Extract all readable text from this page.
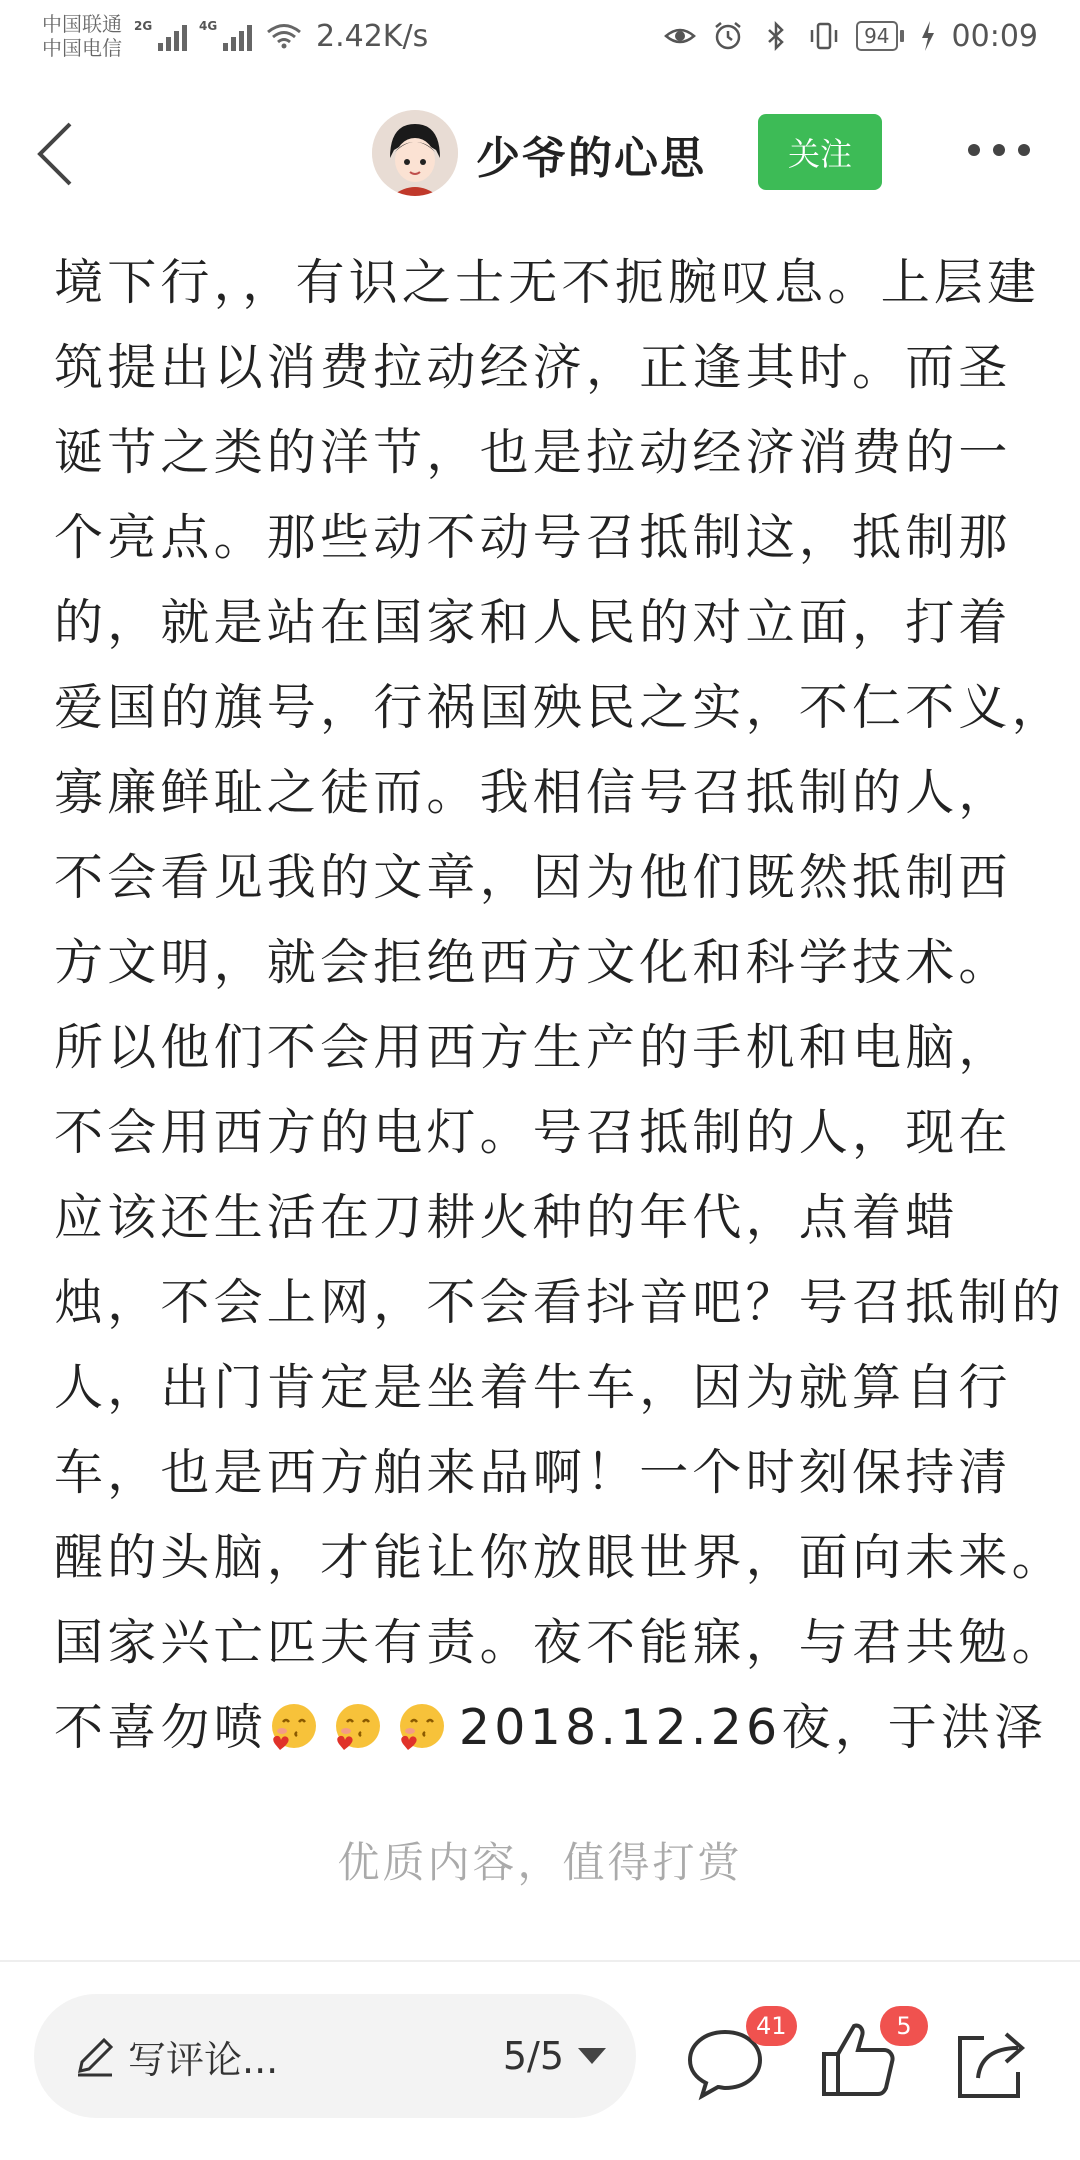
中国联通
中国电信
2G	4G	2.42K/s	94 00:09
少爷的心思	关注

境下行，，有识之士无不扼腕叹息。上层建

筑提出以消费拉动经济，正逢其时。而圣

诞节之类的洋节，也是拉动经济消费的一

个亮点。那些动不动号召抵制这，抵制那

的，就是站在国家和人民的对立面，打着

爱国的旗号，行祸国殃民之实，不仁不义，

寡廉鲜耻之徒而。我相信号召抵制的人，

不会看见我的文章，因为他们既然抵制西

方文明，就会拒绝西方文化和科学技术。

所以他们不会用西方生产的手机和电脑，

不会用西方的电灯。号召抵制的人，现在

应该还生活在刀耕火种的年代，点着蜡

烛，不会上网，不会看抖音吧？号召抵制的

人，出门肯定是坐着牛车，因为就算自行

车，也是西方舶来品啊！一个时刻保持清

醒的头脑，才能让你放眼世界，面向未来。

国家兴亡匹夫有责。夜不能寐，与君共勉。

不喜勿喷	2018.12.26夜，于洪泽

优质内容，值得打赏
写评论...	5/5
41	5
